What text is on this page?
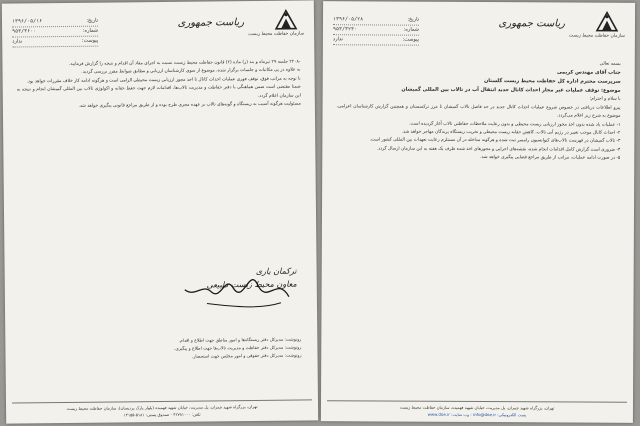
سازمان حفاظت محیط زیست
ریاست جمهوری
تاریخ:
۱۳۹۶/۰۵/۱۶
شماره:
۹۵۳/۳۶۰۰
پیوست:
ندارد

-۲۲۰۸ جلسه ۲۹ تیرماه و بند (ز) ماده (۲) قانون حفاظت محیط زیست نسبت به اجرای مفاد آن اقدام و نتیجه را گزارش فرمایید.

به علاوه در پی مکاتبات و جلسات برگزار شده، موضوع از سوی کارشناسان ارزیابی و مطابق ضوابط مقرر بررسی گردید.

با توجه به مراتب فوق، توقف فوری عملیات احداث کانال تا اخذ مجوز ارزیابی زیست محیطی الزامی است و هرگونه ادامه کار خلاف مقررات خواهد بود.

ضمنا مقتضی است ضمن هماهنگی با دفتر حفاظت و مدیریت تالاب‌ها، اقدامات لازم جهت حفظ حقابه و اکولوژی تالاب بین المللی گمیشان انجام و نتیجه به این سازمان اعلام گردد.

مسئولیت هرگونه آسیب به زیستگاه و گونه‌های تالاب بر عهده مجری طرح بوده و از طریق مراجع قانونی پیگیری خواهد شد.

ترکمان یاری
معاون محیط زیست طبیعی

رونوشت: مدیرکل دفتر زیستگاه‌ها و امور مناطق جهت اطلاع و اقدام.

رونوشت: مدیرکل دفتر حفاظت و مدیریت تالاب‌ها جهت اطلاع و پیگیری.

رونوشت: مدیرکل دفتر حقوقی و امور مجلس جهت استحضار.

تهران، بزرگراه شهید چمران، پل مدیریت، خیابان شهید فهمیده (بلوار پارک پردیسان)، سازمان حفاظت محیط زیست

تلفن: ۴۲۷۸۱۰۰۰ - صندوق پستی: ۵۱۸۱-۱۴۱۵۵

سازمان حفاظت محیط زیست
ریاست جمهوری
تاریخ:
۱۳۹۶/۰۵/۲۸
شماره:
۹۵۳/۳۲۳۰
پیوست:
ندارد

بسمه تعالی

جناب آقای مهندس کریمی

سرپرست محترم اداره کل حفاظت محیط زیست گلستان

موضوع: توقف عملیات غیر مجاز احداث کانال جدید انتقال آب در تالاب بین المللی گمیشان

با سلام و احترام؛

پیرو اطلاعات دریافتی در خصوص شروع عملیات احداث کانال جدید در حد فاصل تالاب گمیشان تا مرز ترکمنستان و همچنین گزارش کارشناسان اعزامی، موضوع به شرح زیر اعلام می‌گردد.

۱- عملیات یاد شده بدون اخذ مجوز ارزیابی زیست محیطی و بدون رعایت ملاحظات حفاظتی تالاب آغاز گردیده است.

۲- احداث کانال موجب تغییر در رژیم آبی تالاب، کاهش حقابه زیست محیطی و تخریب زیستگاه پرندگان مهاجر خواهد شد.

۳- تالاب گمیشان در فهرست تالاب‌های کنوانسیون رامسر ثبت شده و هرگونه مداخله در آن مستلزم رعایت تعهدات بین المللی کشور است.

۴- ضروری است گزارش کامل اقدامات انجام شده، نقشه‌های اجرایی و مجوزهای اخذ شده ظرف یک هفته به این سازمان ارسال گردد.

۵- در صورت ادامه عملیات، مراتب از طریق مراجع قضایی پیگیری خواهد شد.

تهران، بزرگراه شهید چمران، پل مدیریت، خیابان شهید فهمیده، سازمان حفاظت محیط زیست

پست الکترونیکی: info@doe.ir - وب سایت: www.doe.ir
